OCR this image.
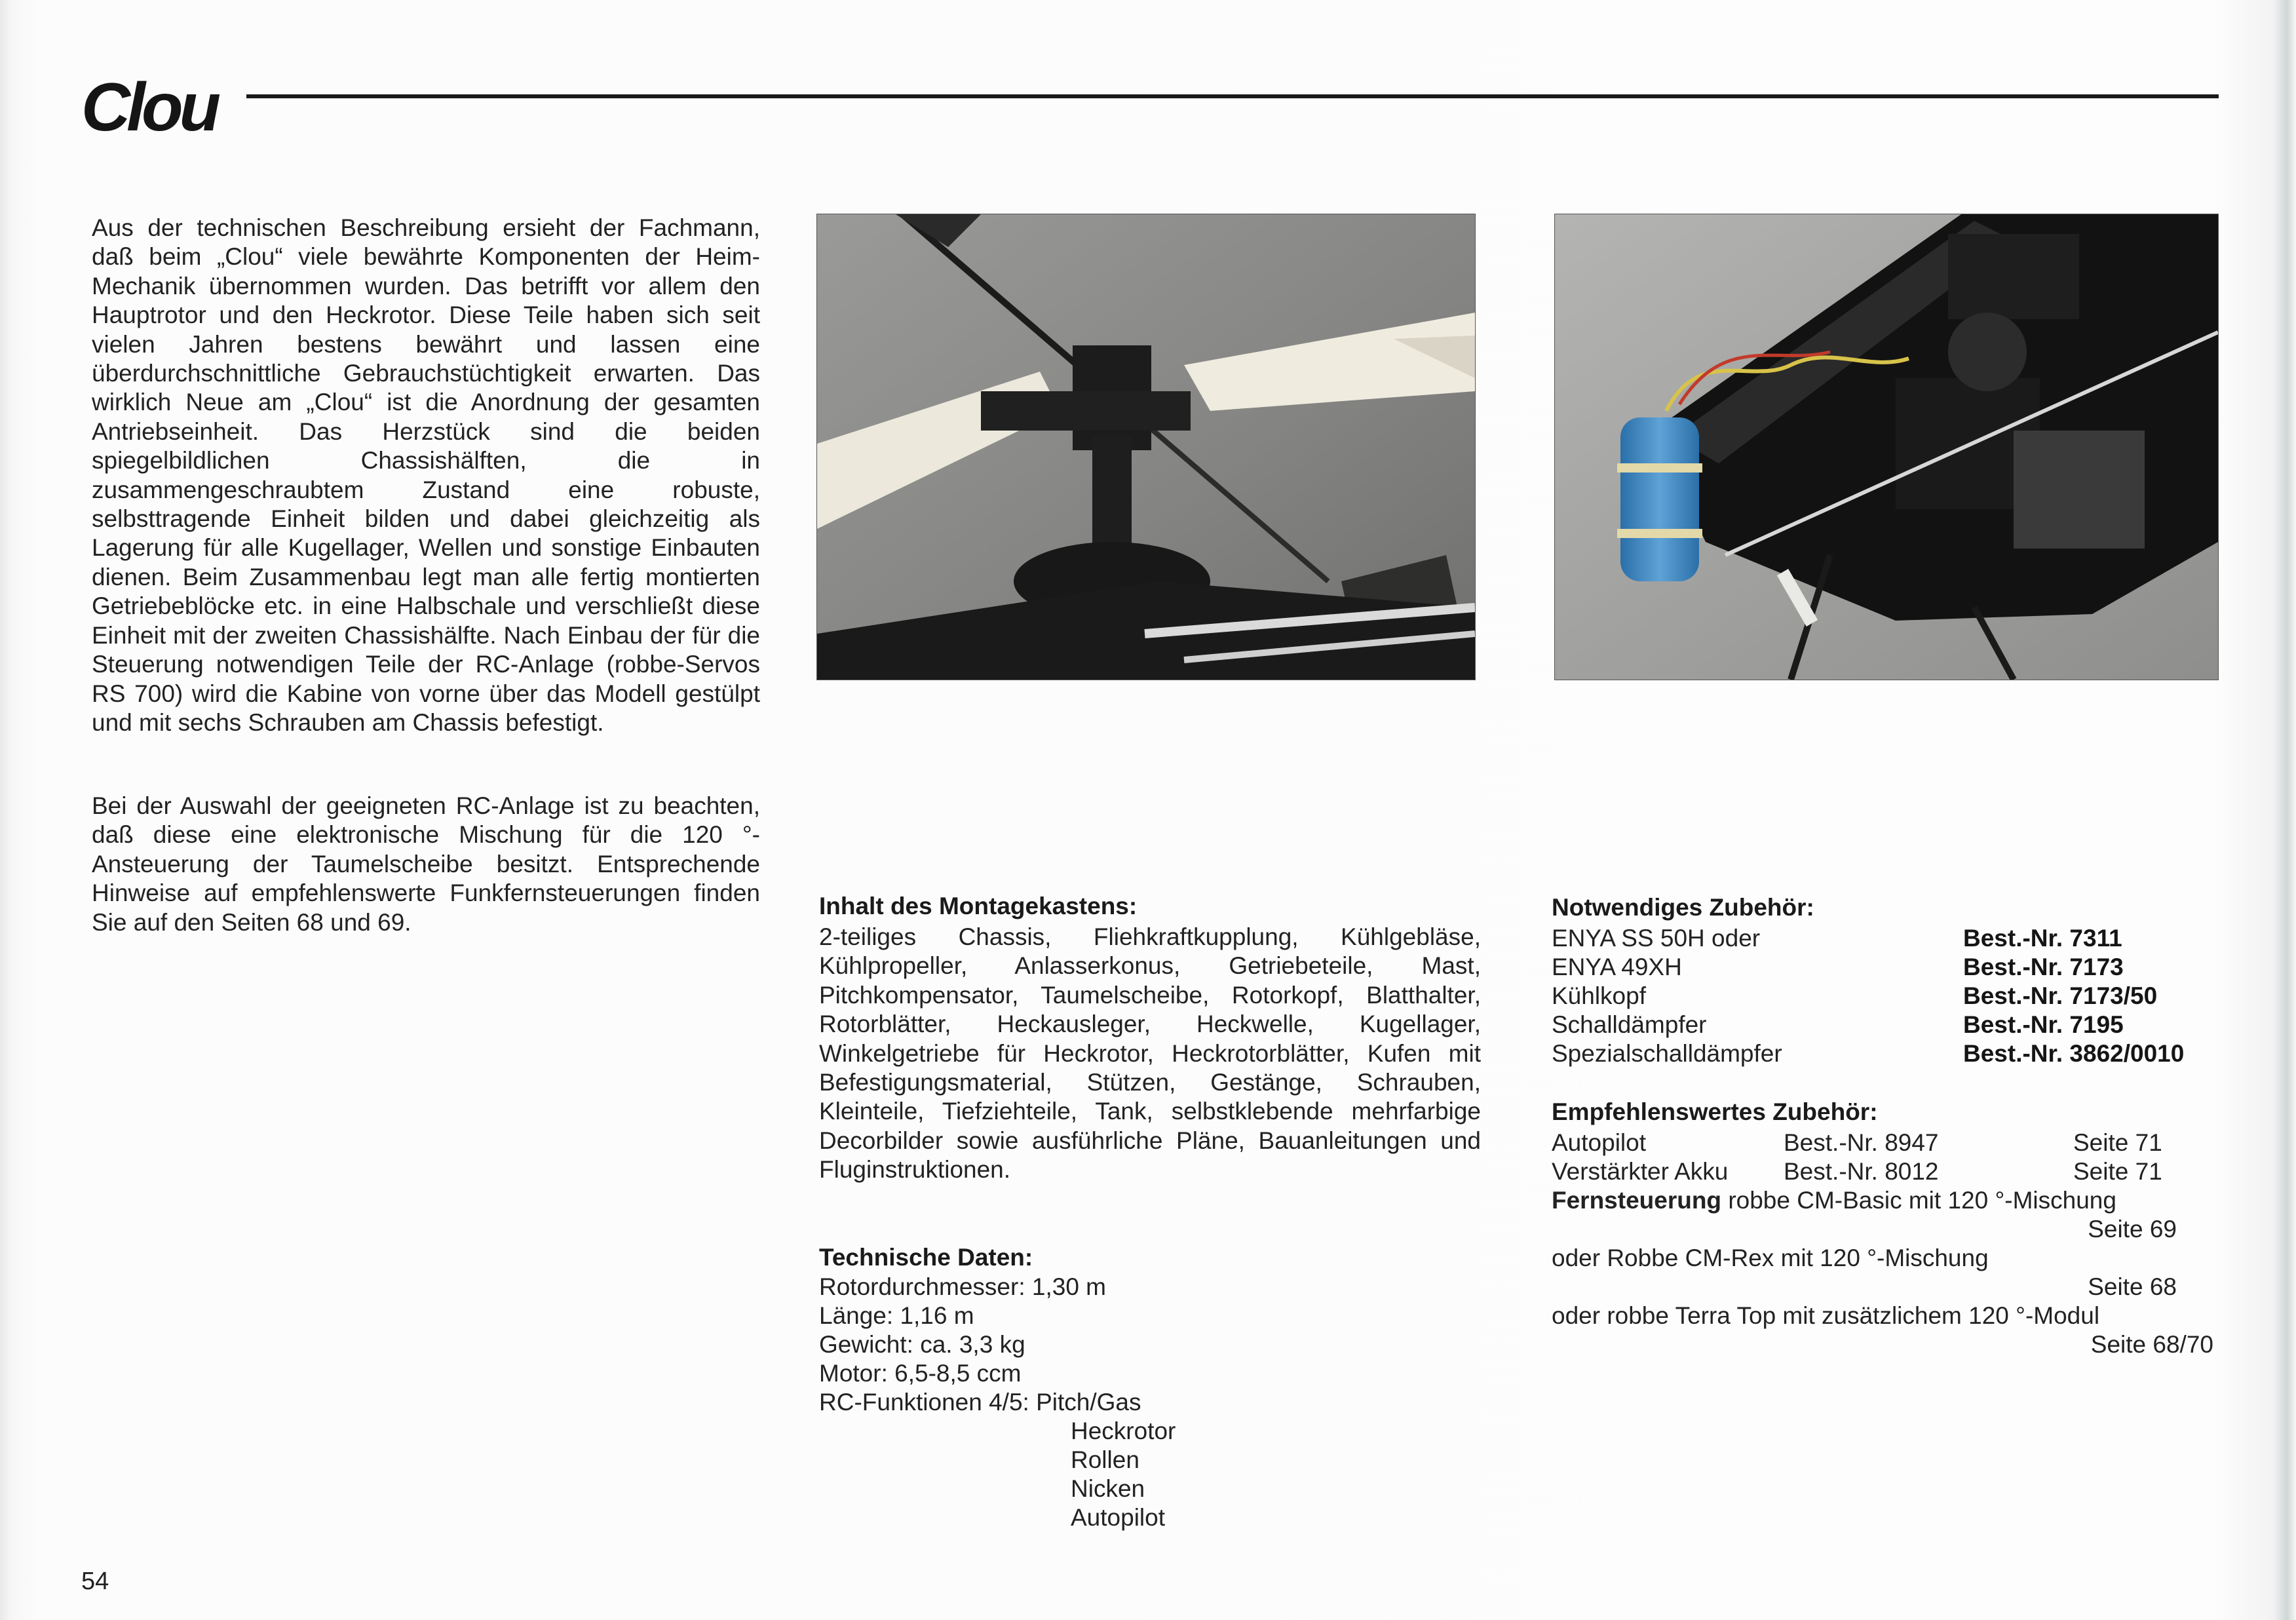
Clou

Aus der technischen Beschreibung ersieht der Fachmann, daß beim „Clou“ viele bewährte Komponenten der Heim-Mechanik übernommen wurden. Das betrifft vor allem den Hauptrotor und den Heckrotor. Diese Teile haben sich seit vielen Jahren bestens bewährt und lassen eine überdurchschnittliche Gebrauchstüchtigkeit erwarten. Das wirklich Neue am „Clou“ ist die Anordnung der gesamten Antriebseinheit. Das Herzstück sind die beiden spiegelbildlichen Chassishälften, die in zusammengeschraubtem Zustand eine robuste, selbsttragende Einheit bilden und dabei gleichzeitig als Lagerung für alle Kugellager, Wellen und sonstige Einbauten dienen. Beim Zusammenbau legt man alle fertig montierten Getriebeblöcke etc. in eine Halbschale und verschließt diese Einheit mit der zweiten Chassishälfte. Nach Einbau der für die Steuerung notwendigen Teile der RC-Anlage (robbe-Servos RS 700) wird die Kabine von vorne über das Modell gestülpt und mit sechs Schrauben am Chassis befestigt.

Bei der Auswahl der geeigneten RC-Anlage ist zu beachten, daß diese eine elektronische Mischung für die 120 °-Ansteuerung der Taumelscheibe besitzt. Entsprechende Hinweise auf empfehlenswerte Funkfernsteuerungen finden Sie auf den Seiten 68 und 69.

Inhalt des Montagekastens:

2-teiliges Chassis, Fliehkraftkupplung, Kühlgebläse, Kühlpropeller, Anlasserkonus, Getriebeteile, Mast, Pitchkompensator, Taumelscheibe, Rotorkopf, Blatthalter, Rotorblätter, Heckausleger, Heckwelle, Kugellager, Winkelgetriebe für Heckrotor, Heckrotorblätter, Kufen mit Befestigungsmaterial, Stützen, Gestänge, Schrauben, Kleinteile, Tiefziehteile, Tank, selbstklebende mehrfarbige Decorbilder sowie ausführliche Pläne, Bauanleitungen und Fluginstruktionen.

Technische Daten:
Rotordurchmesser: 1,30 m
Länge: 1,16 m
Gewicht: ca. 3,3 kg
Motor: 6,5-8,5 ccm
RC-Funktionen 4/5: Pitch/Gas
Heckrotor
Rollen
Nicken
Autopilot
Notwendiges Zubehör:
ENYA SS 50H oder	Best.-Nr. 7311
ENYA 49XH	Best.-Nr. 7173
Kühlkopf	Best.-Nr. 7173/50
Schalldämpfer	Best.-Nr. 7195
Spezialschalldämpfer	Best.-Nr. 3862/0010
Empfehlenswertes Zubehör:
Autopilot	Best.-Nr. 8947	Seite 71
Verstärkter Akku Best.-Nr. 8012	Seite 71
Fernsteuerung robbe CM-Basic mit 120 °-Mischung
Seite 69
oder Robbe CM-Rex mit 120 °-Mischung
Seite 68
oder robbe Terra Top mit zusätzlichem 120 °-Modul
Seite 68/70
54
